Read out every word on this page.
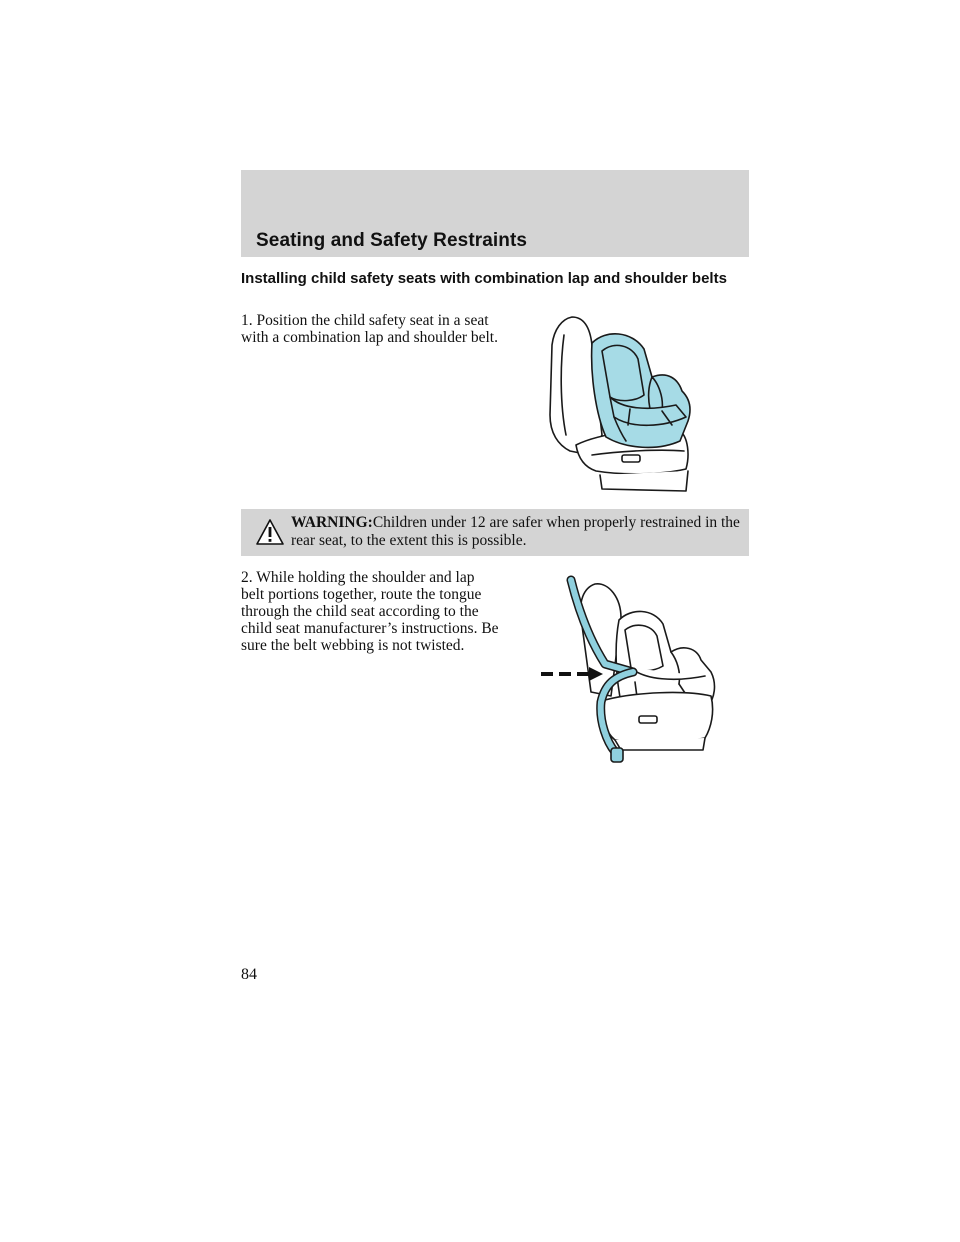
Seating and Safety Restraints
Installing child safety seats with combination lap and shoulder belts

1. Position the child safety seat in a seat with a combination lap and shoulder belt.

WARNING:Children under 12 are safer when properly restrained in the rear seat, to the extent this is possible.

2. While holding the shoulder and lap belt portions together, route the tongue through the child seat according to the child seat manufacturer’s instructions. Be sure the belt webbing is not twisted.

84
